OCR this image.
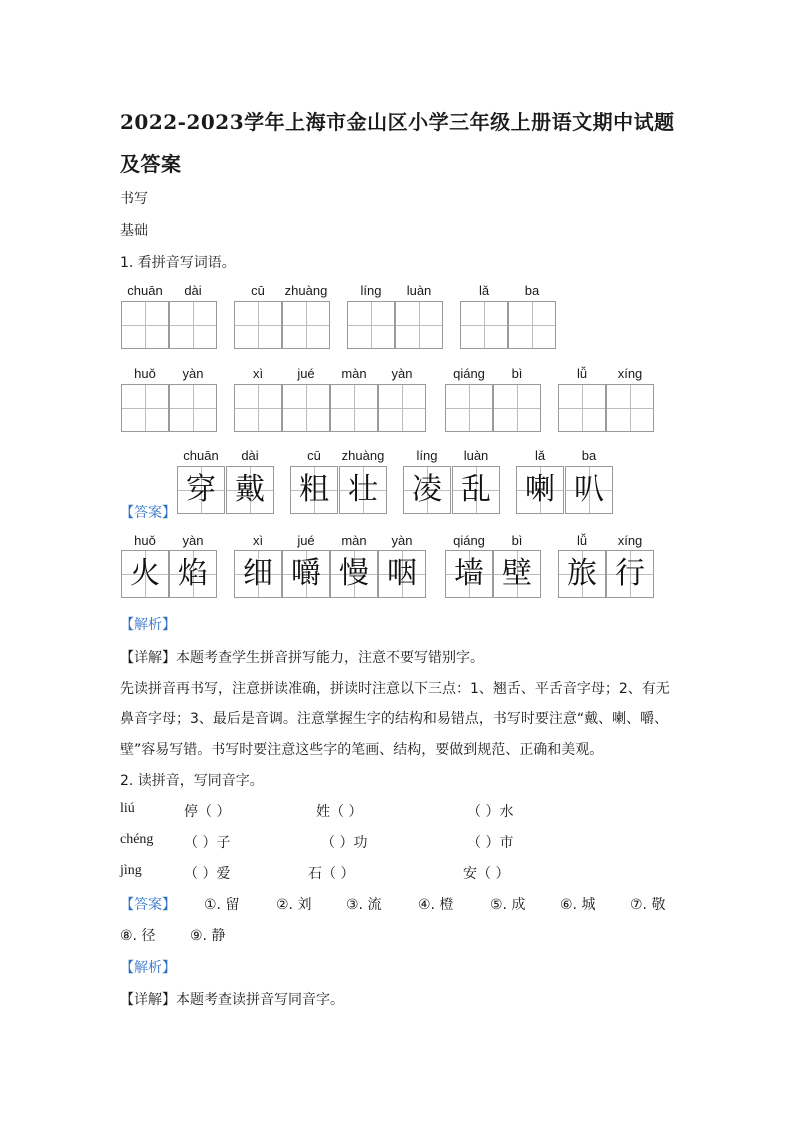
2022-2023学年上海市金山区小学三年级上册语文期中试题
及答案
书写
基础
1. 看拼音写词语。
chuān	dài	cū	zhuàng	líng	luàn	lǎ	ba
huǒ	yàn	xì	jué	màn	yàn	qiáng	bì	lǚ	xíng
【答案】
chuān	dài
穿 戴
cū	zhuàng
粗 壮
líng	luàn
凌 乱
lǎ	ba
喇 叭
huǒ	yàn
火 焰
xì	jué	màn	yàn
细 嚼 慢 咽
qiáng	bì
墙 壁
lǚ	xíng
旅 行
【解析】
【详解】本题考查学生拼音拼写能力，注意不要写错别字。
先读拼音再书写，注意拼读准确，拼读时注意以下三点：1、翘舌、平舌音字母；2、有无
鼻音字母；3、最后是音调。注意掌握生字的结构和易错点，书写时要注意“戴、喇、嚼、
壁”容易写错。书写时要注意这些字的笔画、结构，要做到规范、正确和美观。
2. 读拼音，写同音字。
liú	停（ ）	姓（ ）	（ ）水
chéng （ ）子	（ ）功	（ ）市
jìng	（ ）爱	石（ ）	安（ ）
【答案】 ①. 留	②. 刘 ③. 流	④. 橙	⑤. 成 ⑥. 城 ⑦. 敬
⑧. 径 ⑨. 静
【解析】
【详解】本题考查读拼音写同音字。
